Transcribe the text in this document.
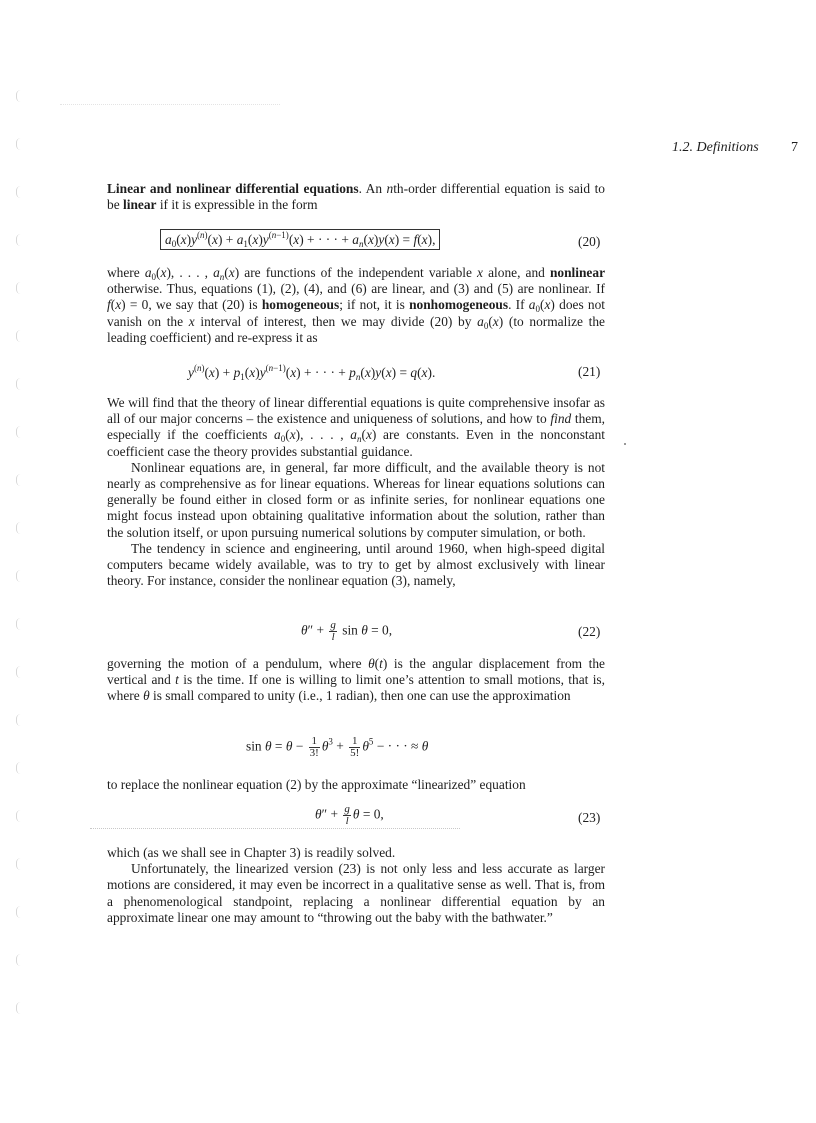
1.2. Definitions 7

Linear and nonlinear differential equations. An nth-order differential equation is said to be linear if it is expressible in the form

$a_0(x)y^{(n)}(x) + a_1(x)y^{(n-1)}(x)$ + · · · + $a_n(x)y(x) = f(x)$,	(20)

where $a_0(x)$, . . . , $a_n(x)$ are functions of the independent variable x alone, and nonlinear otherwise. Thus, equations (1), (2), (4), and (6) are linear, and (3) and (5) are nonlinear. If f(x) = 0, we say that (20) is homogeneous; if not, it is nonhomogeneous. If $a_0(x)$ does not vanish on the x interval of interest, then we may divide (20) by $a_0(x)$ (to normalize the leading coefficient) and re-express it as

$y^{(n)}(x) + p_1(x)y^{(n-1)}(x)$ + · · · + $p_n(x)y(x) = q(x)$.	(21)

We will find that the theory of linear differential equations is quite comprehensive insofar as all of our major concerns – the existence and uniqueness of solutions, and how to find them, especially if the coefficients $a_0(x)$, . . . , $a_n(x)$ are constants. Even in the nonconstant coefficient case the theory provides substantial guidance.

Nonlinear equations are, in general, far more difficult, and the available theory is not nearly as comprehensive as for linear equations. Whereas for linear equations solutions can generally be found either in closed form or as infinite series, for nonlinear equations one might focus instead upon obtaining qualitative information about the solution, rather than the solution itself, or upon pursuing numerical solutions by computer simulation, or both.

The tendency in science and engineering, until around 1960, when high-speed digital computers became widely available, was to try to get by almost exclusively with linear theory. For instance, consider the nonlinear equation (3), namely,

$\theta'' + \frac{g}{l}$ sin θ = 0,	(22)

governing the motion of a pendulum, where θ(t) is the angular displacement from the vertical and t is the time. If one is willing to limit one’s attention to small motions, that is, where θ is small compared to unity (i.e., 1 radian), then one can use the approximation

$\sin \theta = \theta - \frac{1}{3!} \theta^3 + \frac{1}{5!} \theta^5$ − · · · ≈ θ

to replace the nonlinear equation (2) by the approximate “linearized” equation

$\theta'' + \frac{g}{l}$ θ = 0,	(23)

which (as we shall see in Chapter 3) is readily solved.

Unfortunately, the linearized version (23) is not only less and less accurate as larger motions are considered, it may even be incorrect in a qualitative sense as well. That is, from a phenomenological standpoint, replacing a nonlinear differential equation by an approximate linear one may amount to “throwing out the baby with the bathwater.”
